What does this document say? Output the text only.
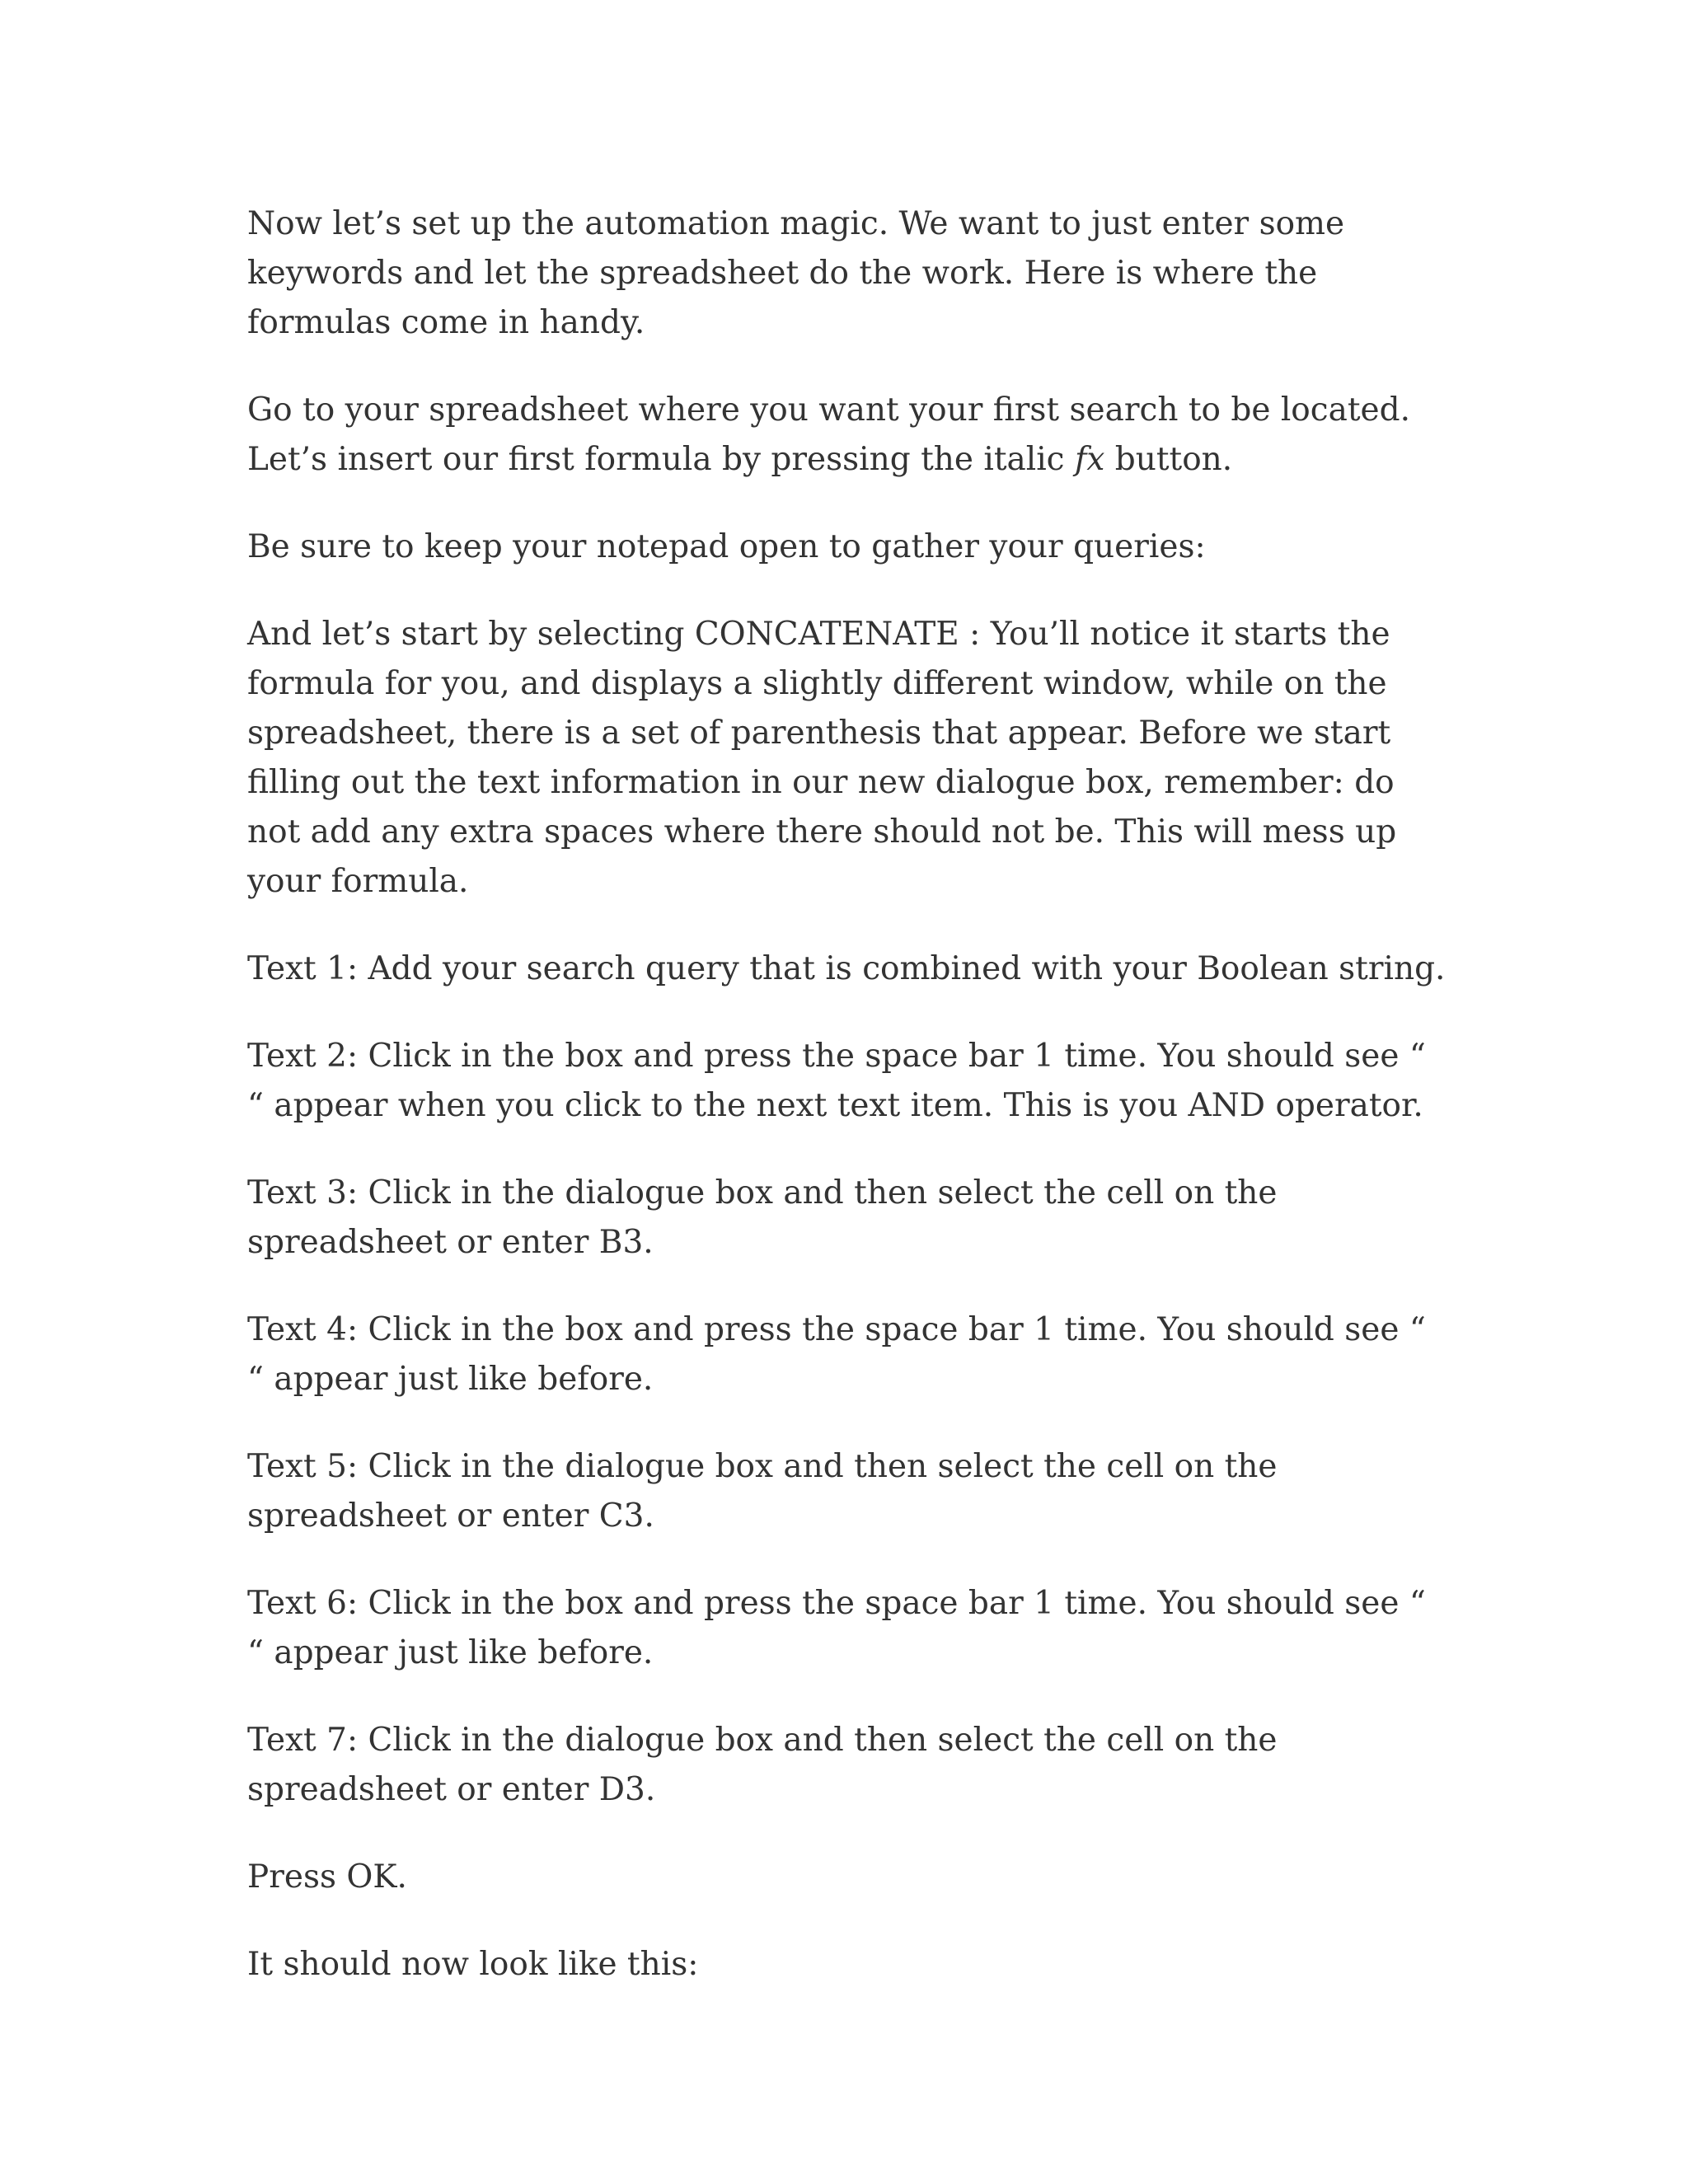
Now let’s set up the automation magic. We want to just enter some keywords and let the spreadsheet do the work. Here is where the formulas come in handy.

Go to your spreadsheet where you want your first search to be located. Let’s insert our first formula by pressing the italic fx button.

Be sure to keep your notepad open to gather your queries:

And let’s start by selecting CONCATENATE : You’ll notice it starts the formula for you, and displays a slightly different window, while on the spreadsheet, there is a set of parenthesis that appear. Before we start filling out the text information in our new dialogue box, remember: do not add any extra spaces where there should not be. This will mess up your formula.

Text 1: Add your search query that is combined with your Boolean string.

Text 2: Click in the box and press the space bar 1 time. You should see “ “ appear when you click to the next text item. This is you AND operator.

Text 3: Click in the dialogue box and then select the cell on the spreadsheet or enter B3.

Text 4: Click in the box and press the space bar 1 time. You should see “ “ appear just like before.

Text 5: Click in the dialogue box and then select the cell on the spreadsheet or enter C3.

Text 6: Click in the box and press the space bar 1 time. You should see “ “ appear just like before.

Text 7: Click in the dialogue box and then select the cell on the spreadsheet or enter D3.

Press OK.

It should now look like this:
